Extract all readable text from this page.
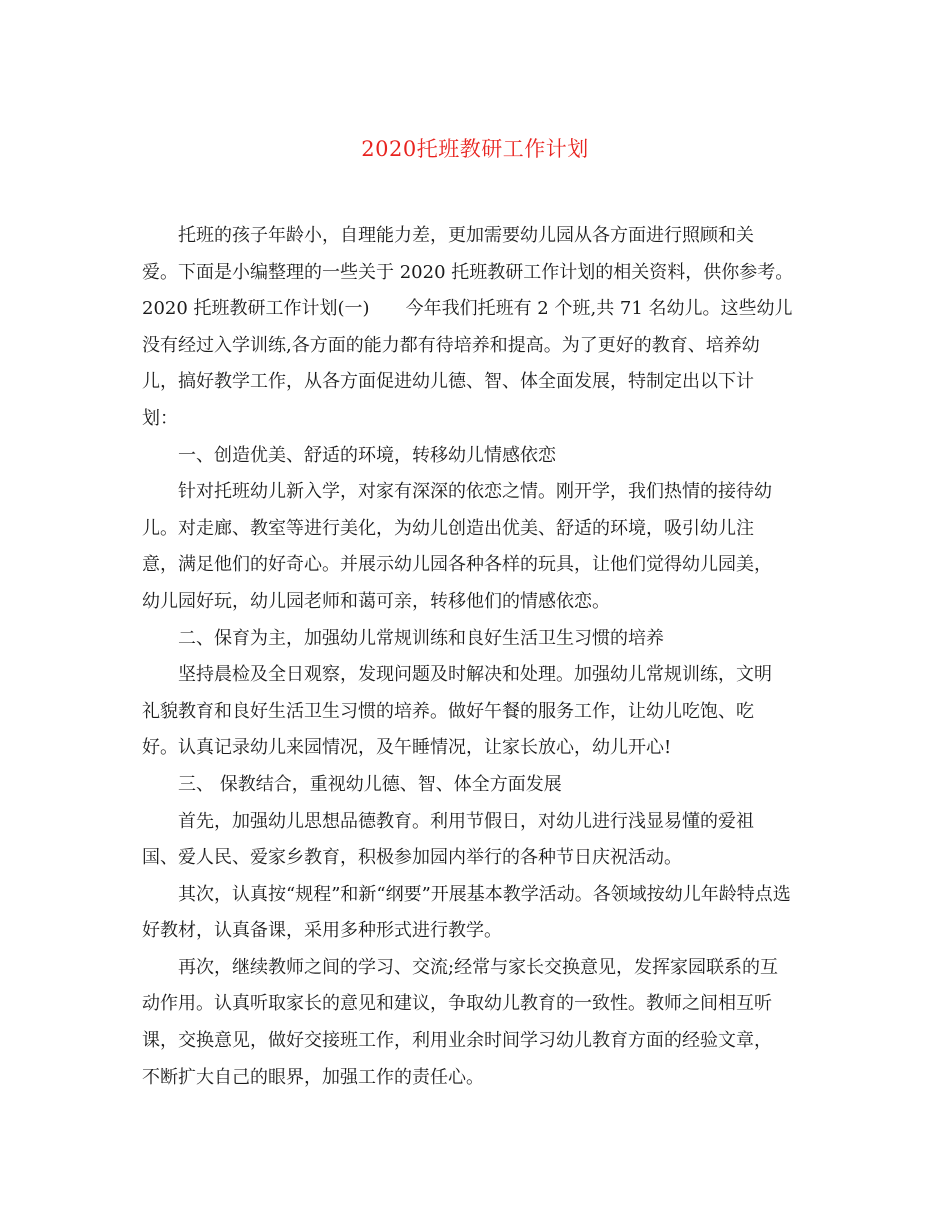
2020托班教研工作计划
托班的孩子年龄小，自理能力差，更加需要幼儿园从各方面进行照顾和关
爱。下面是小编整理的一些关于 2020 托班教研工作计划的相关资料，供你参考。
2020 托班教研工作计划(一)　　今年我们托班有 2 个班,共 71 名幼儿。这些幼儿
没有经过入学训练,各方面的能力都有待培养和提高。为了更好的教育、培养幼
儿，搞好教学工作，从各方面促进幼儿德、智、体全面发展，特制定出以下计
划：
一、创造优美、舒适的环境，转移幼儿情感依恋
针对托班幼儿新入学，对家有深深的依恋之情。刚开学，我们热情的接待幼
儿。对走廊、教室等进行美化，为幼儿创造出优美、舒适的环境，吸引幼儿注
意，满足他们的好奇心。并展示幼儿园各种各样的玩具，让他们觉得幼儿园美，
幼儿园好玩，幼儿园老师和蔼可亲，转移他们的情感依恋。
二、保育为主，加强幼儿常规训练和良好生活卫生习惯的培养
坚持晨检及全日观察，发现问题及时解决和处理。加强幼儿常规训练，文明
礼貌教育和良好生活卫生习惯的培养。做好午餐的服务工作，让幼儿吃饱、吃
好。认真记录幼儿来园情况，及午睡情况，让家长放心，幼儿开心!
三、 保教结合，重视幼儿德、智、体全方面发展
首先，加强幼儿思想品德教育。利用节假日，对幼儿进行浅显易懂的爱祖
国、爱人民、爱家乡教育，积极参加园内举行的各种节日庆祝活动。
其次，认真按“规程”和新“纲要”开展基本教学活动。各领域按幼儿年龄特点选
好教材，认真备课，采用多种形式进行教学。
再次，继续教师之间的学习、交流;经常与家长交换意见，发挥家园联系的互
动作用。认真听取家长的意见和建议，争取幼儿教育的一致性。教师之间相互听
课，交换意见，做好交接班工作，利用业余时间学习幼儿教育方面的经验文章，
不断扩大自己的眼界，加强工作的责任心。
